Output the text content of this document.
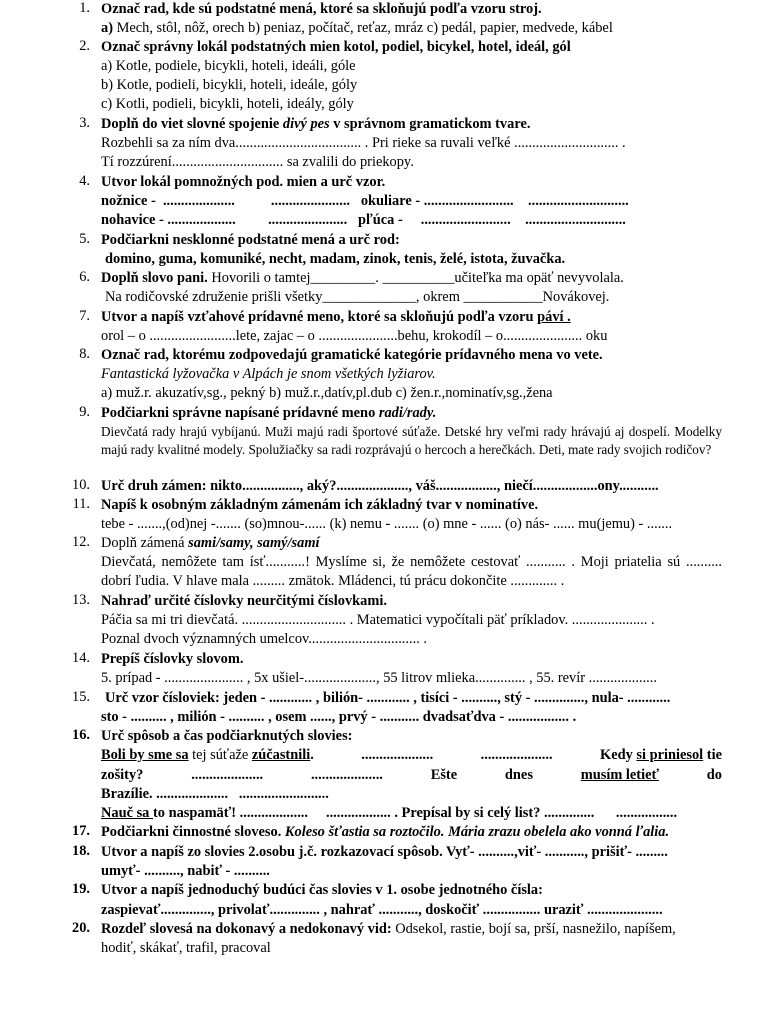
1. Označ rad, kde sú podstatné mená, ktoré sa skloňujú podľa vzoru stroj.
a) Mech, stôl, nôž, orech b) peniaz, počítač, reťaz, mráz c) pedál, papier, medvede, kábel
2. Označ správny lokál podstatných mien kotol, podiel, bicykel, hotel, ideál, gól
a) Kotle, podiele, bicykli, hoteli, ideáli, góle
b) Kotle, podieli, bicykli, hoteli, ideále, góly
c) Kotli, podieli, bicykli, hoteli, ideály, góly
3. Doplň do viet slovné spojenie divý pes v správnom gramatickom tvare.
Rozbehli sa za ním dva................................... . Pri rieke sa ruvali veľké ............................. .
Tí rozzúrení............................... sa zvalili do priekopy.
4. Utvor lokál pomnožných pod. mien a urč vzor.
nožnice -  ....................          ......................   okuliare - .........................    ............................
nohavice - ...................         ......................   pľúca -     .........................    ............................
5. Podčiarkni nesklonné podstatné mená a urč rod:
domino, guma, komuniké, necht, madam, zinok, tenis, želé, istota, žuvačka.
6. Doplň slovo pani. Hovorili o tamtej_________. __________učiteľka ma opäť nevyvolala.
Na rodičovské združenie prišli všetky_____________, okrem ___________Novákovej.
7. Utvor a napíš vzťahové prídavné meno, ktoré sa skloňujú podľa vzoru páví .
orol – o ........................lete, zajac – o ......................behu, krokodíl – o...................... oku
8. Označ rad, ktorému zodpovedajú gramatické kategórie prídavného mena vo vete.
Fantastická lyžovačka v Alpách je snom všetkých lyžiarov.
a) muž.r. akuzatív,sg., pekný b) muž.r.,datív,pl.dub c) žen.r.,nominatív,sg.,žena
9. Podčiarkni správne napísané prídavné meno radi/rady.
Dievčatá rady hrajú vybíjanú. Muži majú radi športové súťaže. Detské hry veľmi rady hrávajú aj dospelí. Modelky majú rady kvalitné modely. Spolužiačky sa radi rozprávajú o hercoch a herečkách. Deti, mate rady svojich rodičov?
10. Urč druh zámen: nikto................, aký?...................., váš................., niečí..................ony...........
11. Napíš k osobným základným zámenám ich základný tvar v nominatíve.
tebe - .......,(od)nej -....... (so)mnou-...... (k) nemu - ....... (o) mne - ...... (o) nás- ...... mu(jemu) - .......
12. Doplň zámená sami/samy, samý/samí
Dievčatá, nemôžete tam ísť...........! Myslíme si, že nemôžete cestovať ........... . Moji priatelia sú .......... dobrí ľudia. V hlave mala ......... zmätok. Mládenci, tú prácu dokončite ............. .
13. Nahraď určité číslovky neurčitými číslovkami.
Páčia sa mi tri dievčatá. ............................. . Matematici vypočítali päť príkladov. ..................... .
Poznal dvoch významných umelcov............................... .
14. Prepíš číslovky slovom.
5. prípad - ...................... , 5x ušiel-...................., 55 litrov mlieka.............. , 55. revír ...................
15. Urč vzor čísloviek: jeden - ............ , bilión- ............ , tisíci - .........., stý - .............., nula- ............
sto - .......... , milión - .......... , osem ......, prvý - ........... dvadsaťdva - ................. .
16. Urč spôsob a čas podčiarknutých slovies:
Boli by sme sa tej súťaže zúčastnili.	....................	....................	Kedy si priniesol tie
zošity?	....................	....................	Ešte	dnes	musím letieť	do
Brazílie. ....................   .........................
Nauč sa to naspamäť! ...................     .................. . Prepísal by si celý list? ..............      .................
17. Podčiarkni činnostné sloveso. Koleso šťastia sa roztočilo. Mária zrazu obelela ako vonná ľalia.
18. Utvor a napíš zo slovies 2.osobu j.č. rozkazovací spôsob. Vyť- ..........,viť- ..........., prišiť- .........
umyť- .........., nabiť - ..........
19. Utvor a napíš jednoduchý budúci čas slovies v 1. osobe jednotného čísla:
zaspievať.............., privolať.............. , nahrať ..........., doskočiť ................ uraziť .....................
20. Rozdeľ slovesá na dokonavý a nedokonavý vid: Odsekol, rastie, bojí sa, prší, nasnežilo, napíšem,
hodiť, skákať, trafil, pracoval
